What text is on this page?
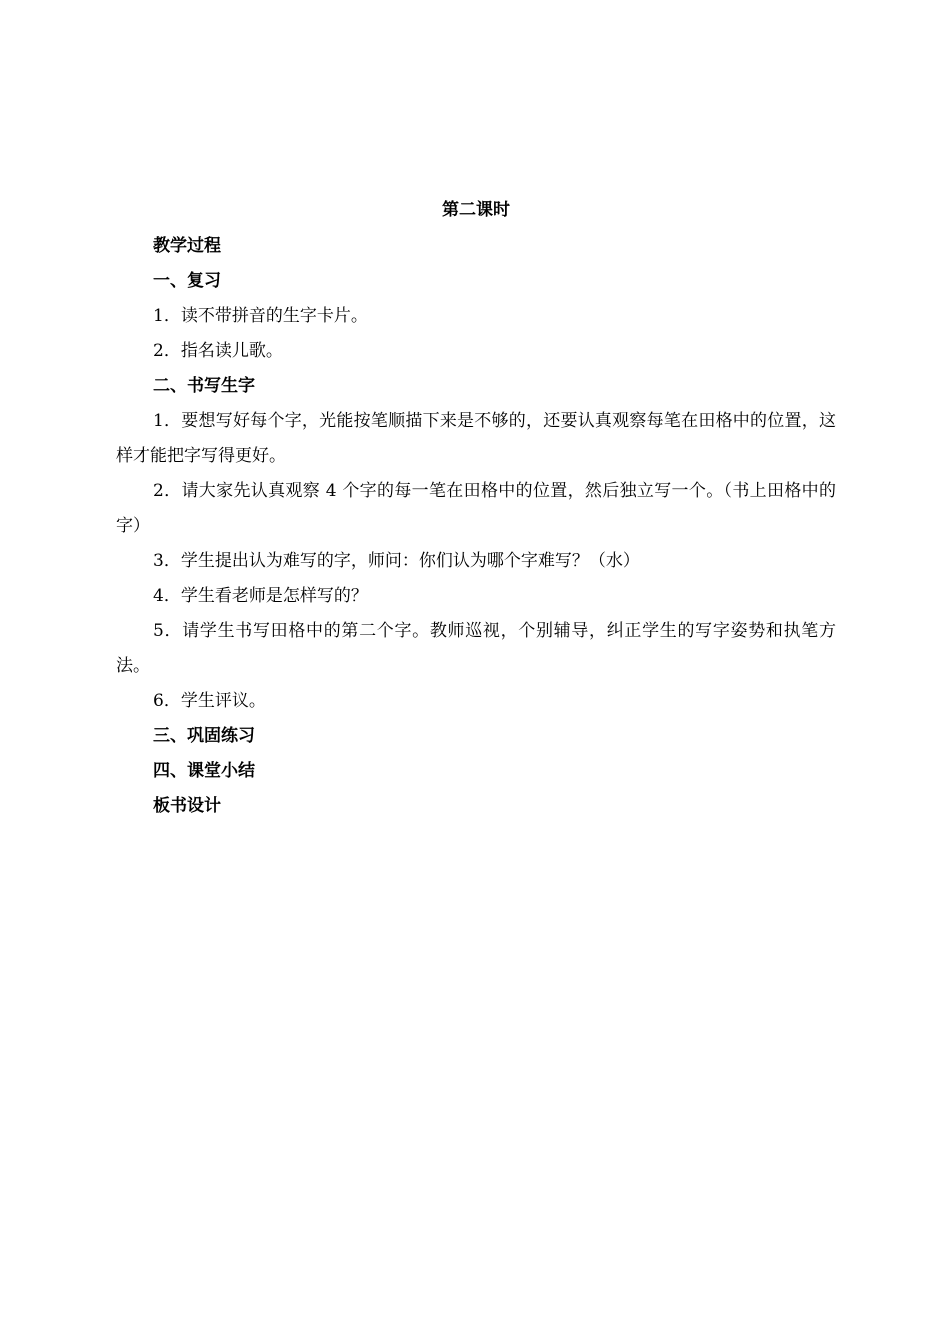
第二课时
教学过程
一、复习
1．读不带拼音的生字卡片。
2．指名读儿歌。
二、书写生字

1．要想写好每个字，光能按笔顺描下来是不够的，还要认真观察每笔在田格中的位置，这样才能把字写得更好。

2．请大家先认真观察 4 个字的每一笔在田格中的位置，然后独立写一个。（书上田格中的字）

3．学生提出认为难写的字，师问：你们认为哪个字难写？（水）
4．学生看老师是怎样写的？

5．请学生书写田格中的第二个字。教师巡视，个别辅导，纠正学生的写字姿势和执笔方法。

6．学生评议。
三、巩固练习
四、课堂小结
板书设计
